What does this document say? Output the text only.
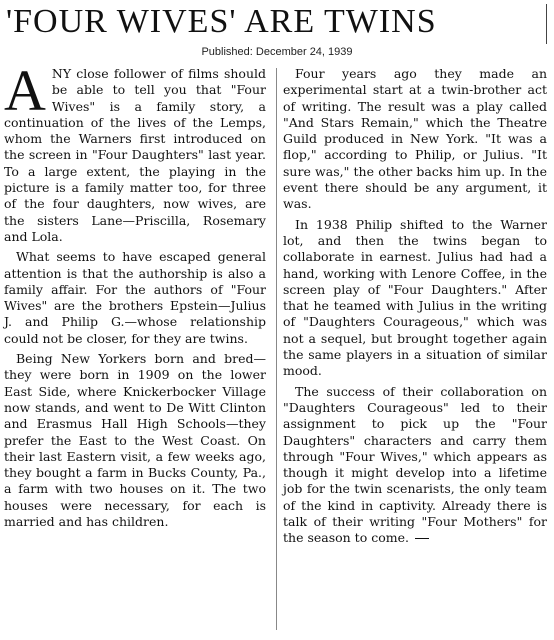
'FOUR WIVES' ARE TWINS
Published: December 24, 1939

ANY close follower of films should be able to tell you that "Four Wives" is a family story, a continuation of the lives of the Lemps, whom the Warners first introduced on the screen in "Four Daughters" last year. To a large extent, the playing in the picture is a family matter too, for three of the four daughters, now wives, are the sisters Lane—Priscilla, Rosemary and Lola.

What seems to have escaped general attention is that the authorship is also a family affair. For the authors of "Four Wives" are the brothers Epstein—Julius J. and Philip G.—whose relationship could not be closer, for they are twins.

Being New Yorkers born and bred—they were born in 1909 on the lower East Side, where Knickerbocker Village now stands, and went to De Witt Clinton and Erasmus Hall High Schools—they prefer the East to the West Coast. On their last Eastern visit, a few weeks ago, they bought a farm in Bucks County, Pa., a farm with two houses on it. The two houses were necessary, for each is married and has children.

Four years ago they made an experimental start at a twin-brother act of writing. The result was a play called "And Stars Remain," which the Theatre Guild produced in New York. "It was a flop," according to Philip, or Julius. "It sure was," the other backs him up. In the event there should be any argument, it was.

In 1938 Philip shifted to the Warner lot, and then the twins began to collaborate in earnest. Julius had had a hand, working with Lenore Coffee, in the screen play of "Four Daughters." After that he teamed with Julius in the writing of "Daughters Courageous," which was not a sequel, but brought together again the same players in a situation of similar mood.

The success of their collaboration on "Daughters Courageous" led to their assignment to pick up the "Four Daughters" characters and carry them through "Four Wives," which appears as though it might develop into a lifetime job for the twin scenarists, the only team of the kind in captivity. Already there is talk of their writing "Four Mothers" for the season to come.
